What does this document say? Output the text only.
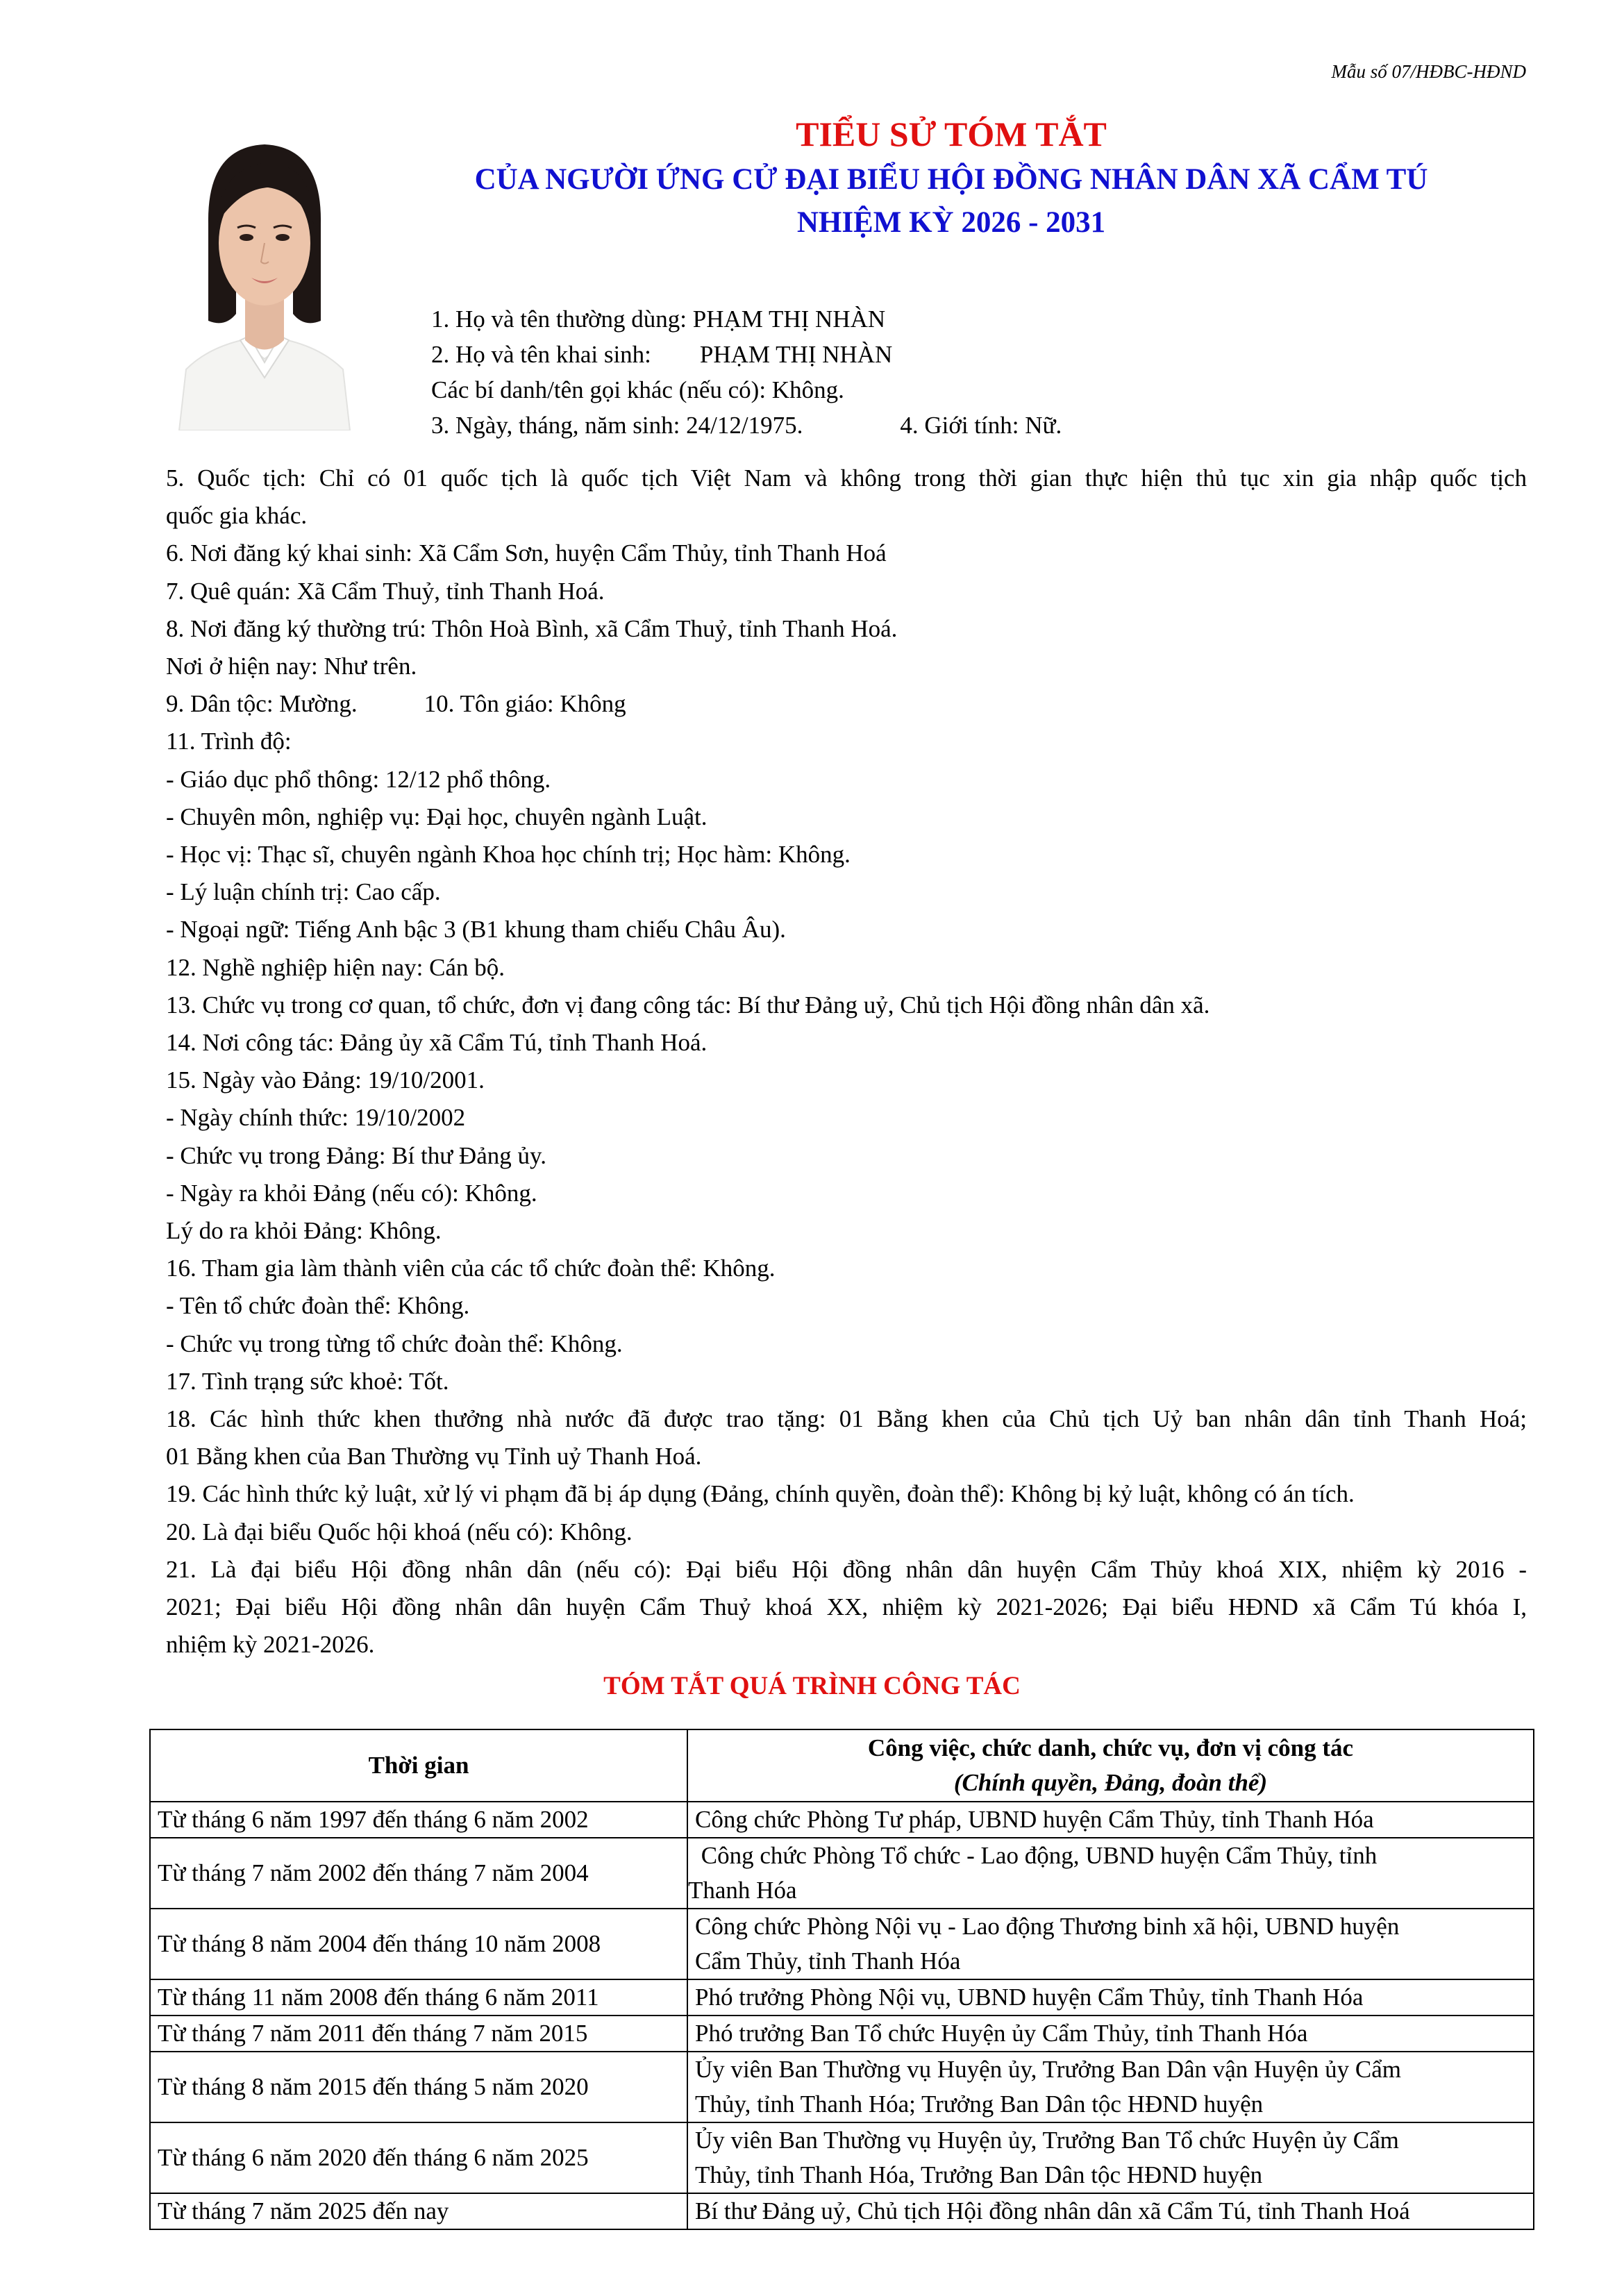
Mẫu số 07/HĐBC-HĐND
TIỂU SỬ TÓM TẮT
CỦA NGƯỜI ỨNG CỬ ĐẠI BIỂU HỘI ĐỒNG NHÂN DÂN XÃ CẨM TÚ
NHIỆM KỲ 2026 - 2031
1. Họ và tên thường dùng: PHẠM THỊ NHÀN
2. Họ và tên khai sinh: PHẠM THỊ NHÀN
Các bí danh/tên gọi khác (nếu có): Không.
3. Ngày, tháng, năm sinh: 24/12/1975.	4. Giới tính: Nữ.
5. Quốc tịch: Chỉ có 01 quốc tịch là quốc tịch Việt Nam và không trong thời gian thực hiện thủ tục xin gia nhập quốc tịch
quốc gia khác.
6. Nơi đăng ký khai sinh: Xã Cẩm Sơn, huyện Cẩm Thủy, tỉnh Thanh Hoá
7. Quê quán: Xã Cẩm Thuỷ, tỉnh Thanh Hoá.
8. Nơi đăng ký thường trú: Thôn Hoà Bình, xã Cẩm Thuỷ, tỉnh Thanh Hoá.
Nơi ở hiện nay: Như trên.
9. Dân tộc: Mường.	10. Tôn giáo: Không
11. Trình độ:
- Giáo dục phổ thông: 12/12 phổ thông.
- Chuyên môn, nghiệp vụ: Đại học, chuyên ngành Luật.
- Học vị: Thạc sĩ, chuyên ngành Khoa học chính trị; Học hàm: Không.
- Lý luận chính trị: Cao cấp.
- Ngoại ngữ: Tiếng Anh bậc 3 (B1 khung tham chiếu Châu Âu).
12. Nghề nghiệp hiện nay: Cán bộ.
13. Chức vụ trong cơ quan, tổ chức, đơn vị đang công tác: Bí thư Đảng uỷ, Chủ tịch Hội đồng nhân dân xã.
14. Nơi công tác: Đảng ủy xã Cẩm Tú, tỉnh Thanh Hoá.
15. Ngày vào Đảng: 19/10/2001.
- Ngày chính thức: 19/10/2002
- Chức vụ trong Đảng: Bí thư Đảng ủy.
- Ngày ra khỏi Đảng (nếu có): Không.
Lý do ra khỏi Đảng: Không.
16. Tham gia làm thành viên của các tổ chức đoàn thể: Không.
- Tên tổ chức đoàn thể: Không.
- Chức vụ trong từng tổ chức đoàn thể: Không.
17. Tình trạng sức khoẻ: Tốt.
18. Các hình thức khen thưởng nhà nước đã được trao tặng: 01 Bằng khen của Chủ tịch Uỷ ban nhân dân tỉnh Thanh Hoá;
01 Bằng khen của Ban Thường vụ Tỉnh uỷ Thanh Hoá.
19. Các hình thức kỷ luật, xử lý vi phạm đã bị áp dụng (Đảng, chính quyền, đoàn thể): Không bị kỷ luật, không có án tích.
20. Là đại biểu Quốc hội khoá (nếu có): Không.
21. Là đại biểu Hội đồng nhân dân (nếu có): Đại biểu Hội đồng nhân dân huyện Cẩm Thủy khoá XIX, nhiệm kỳ 2016 -
2021; Đại biểu Hội đồng nhân dân huyện Cẩm Thuỷ khoá XX, nhiệm kỳ 2021-2026; Đại biểu HĐND xã Cẩm Tú khóa I,
nhiệm kỳ 2021-2026.
TÓM TẮT QUÁ TRÌNH CÔNG TÁC
Thời gian	Công việc, chức danh, chức vụ, đơn vị công tác
(Chính quyền, Đảng, đoàn thể)

Từ tháng 6 năm 1997 đến tháng 6 năm 2002	Công chức Phòng Tư pháp, UBND huyện Cẩm Thủy, tỉnh Thanh Hóa

Từ tháng 7 năm 2002 đến tháng 7 năm 2004	Công chức Phòng Tổ chức - Lao động, UBND huyện Cẩm Thủy, tỉnh
Thanh Hóa

Từ tháng 8 năm 2004 đến tháng 10 năm 2008	Công chức Phòng Nội vụ - Lao động Thương binh xã hội, UBND huyện
Cẩm Thủy, tỉnh Thanh Hóa

Từ tháng 11 năm 2008 đến tháng 6 năm 2011	Phó trưởng Phòng Nội vụ, UBND huyện Cẩm Thủy, tỉnh Thanh Hóa

Từ tháng 7 năm 2011 đến tháng 7 năm 2015	Phó trưởng Ban Tổ chức Huyện ủy Cẩm Thủy, tỉnh Thanh Hóa

Từ tháng 8 năm 2015 đến tháng 5 năm 2020	Ủy viên Ban Thường vụ Huyện ủy, Trưởng Ban Dân vận Huyện ủy Cẩm
Thủy, tỉnh Thanh Hóa; Trưởng Ban Dân tộc HĐND huyện

Từ tháng 6 năm 2020 đến tháng 6 năm 2025	Ủy viên Ban Thường vụ Huyện ủy, Trưởng Ban Tổ chức Huyện ủy Cẩm
Thủy, tỉnh Thanh Hóa, Trưởng Ban Dân tộc HĐND huyện

Từ tháng 7 năm 2025 đến nay	Bí thư Đảng uỷ, Chủ tịch Hội đồng nhân dân xã Cẩm Tú, tỉnh Thanh Hoá
